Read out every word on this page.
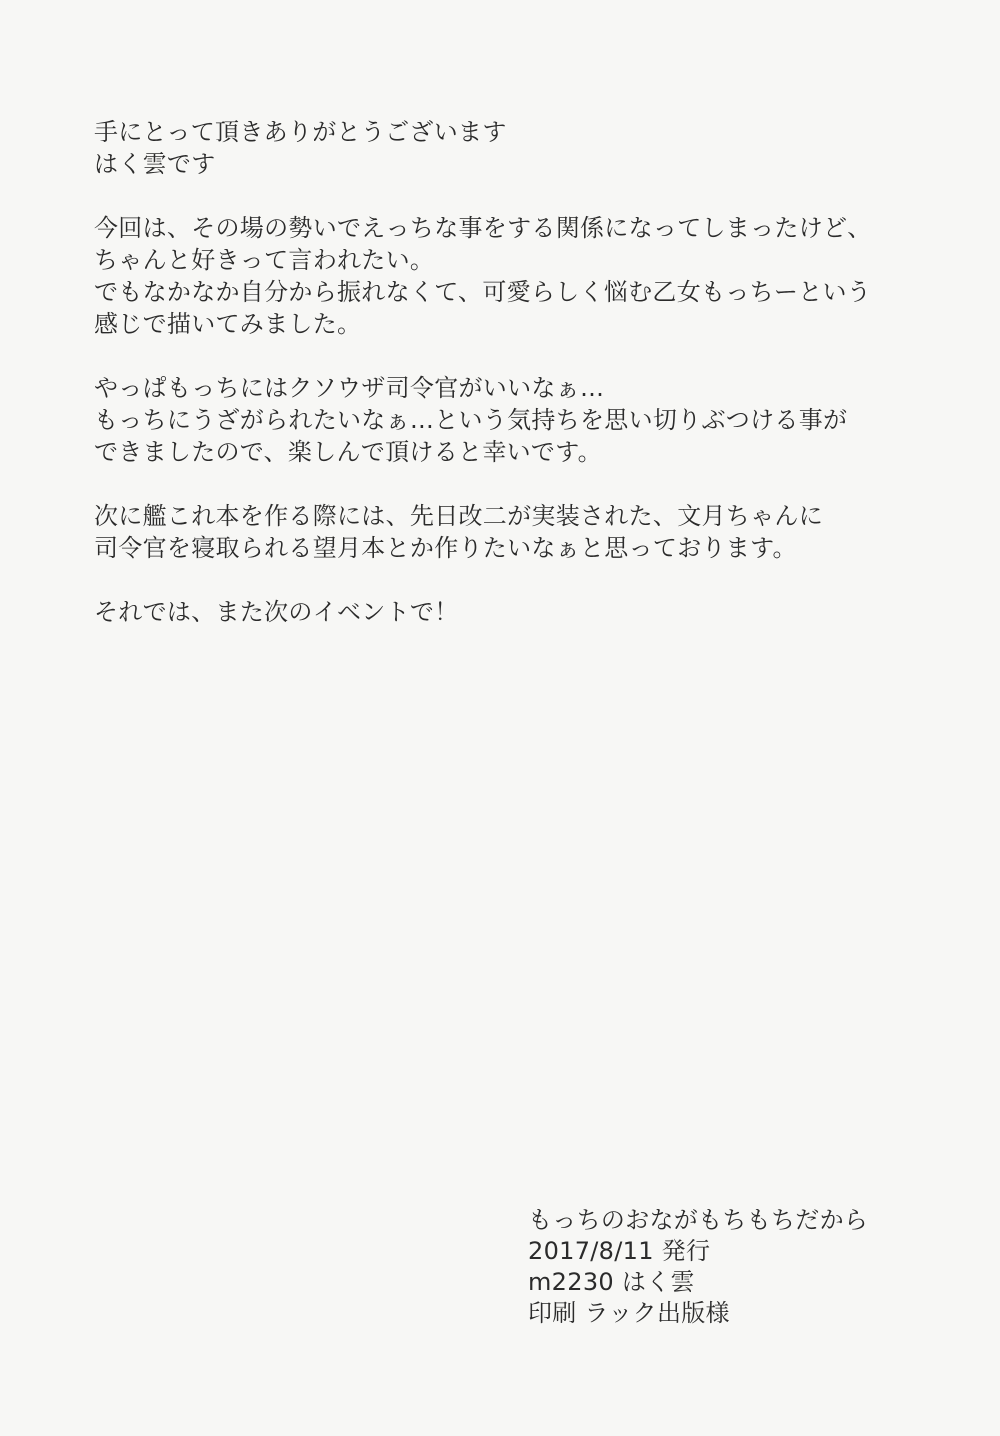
手にとって頂きありがとうございます
はく雲です
今回は、その場の勢いでえっちな事をする関係になってしまったけど、
ちゃんと好きって言われたい。
でもなかなか自分から振れなくて、可愛らしく悩む乙女もっちーという
感じで描いてみました。
やっぱもっちにはクソウザ司令官がいいなぁ…
もっちにうざがられたいなぁ…という気持ちを思い切りぶつける事が
できましたので、楽しんで頂けると幸いです。
次に艦これ本を作る際には、先日改二が実装された、文月ちゃんに
司令官を寝取られる望月本とか作りたいなぁと思っております。
それでは、また次のイベントで！
もっちのおながもちもちだから
2017/8/11 発行
m2230 はく雲
印刷 ラック出版様
